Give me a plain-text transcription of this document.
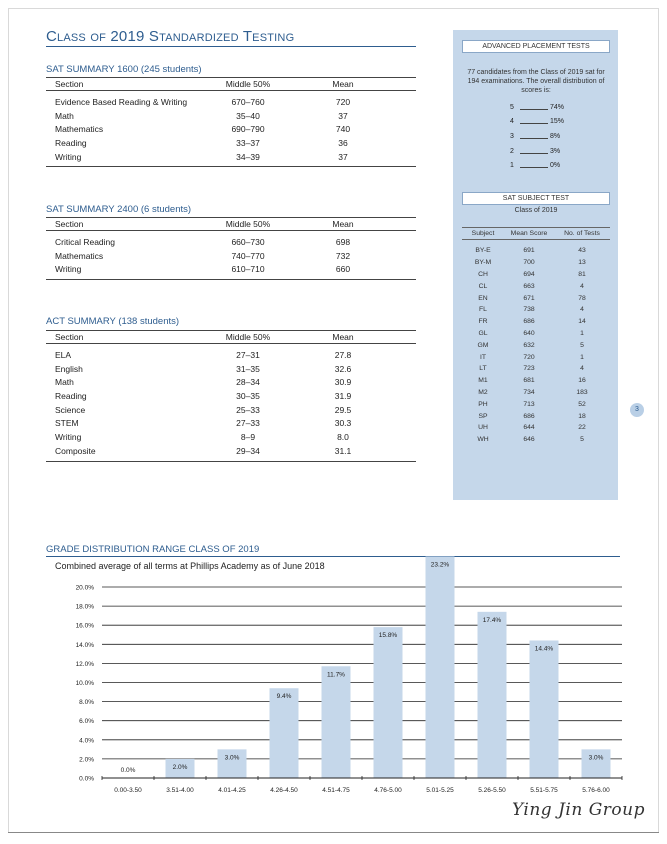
Class of 2019 Standardized Testing
SAT SUMMARY 1600 (245 students)
Section	Middle 50%	Mean
Evidence Based Reading & Writing	670–760	720
Math	35–40	37
Mathematics	690–790	740
Reading	33–37	36
Writing	34–39	37
SAT SUMMARY 2400 (6 students)
Section	Middle 50%	Mean
Critical Reading	660–730	698
Mathematics	740–770	732
Writing	610–710	660
ACT SUMMARY (138 students)
Section	Middle 50%	Mean
ELA	27–31	27.8
English	31–35	32.6
Math	28–34	30.9
Reading	30–35	31.9
Science	25–33	29.5
STEM	27–33	30.3
Writing	8–9	8.0
Composite	29–34	31.1
ADVANCED PLACEMENT TESTS
77 candidates from the Class of 2019 sat for 194 examinations. The overall distribution of scores is:
5	74%
4	15%
3	8%
2	3%
1	0%
SAT SUBJECT TEST
Class of 2019
Subject	Mean Score	No. of Tests
BY-E	691	43
BY-M	700	13
CH	694	81
CL	663	4
EN	671	78
FL	738	4
FR	686	14
GL	640	1
GM	632	5
IT	720	1
LT	723	4
M1	681	16
M2	734	183
PH	713	52
SP	686	18
UH	644	22
WH	646	5
3
GRADE DISTRIBUTION RANGE CLASS OF 2019
Combined average of all terms at Phillips Academy as of June 2018
0.0%
2.0%
4.0%
6.0%
8.0%
10.0%
12.0%
14.0%
16.0%
18.0%
20.0%
0.0%
0.00-3.50
2.0%
3.51-4.00
3.0%
4.01-4.25
9.4%
4.26-4.50
11.7%
4.51-4.75
15.8%
4.76-5.00
23.2%
5.01-5.25
17.4%
5.26-5.50
14.4%
5.51-5.75
3.0%
5.76-6.00
Ying Jin Group
